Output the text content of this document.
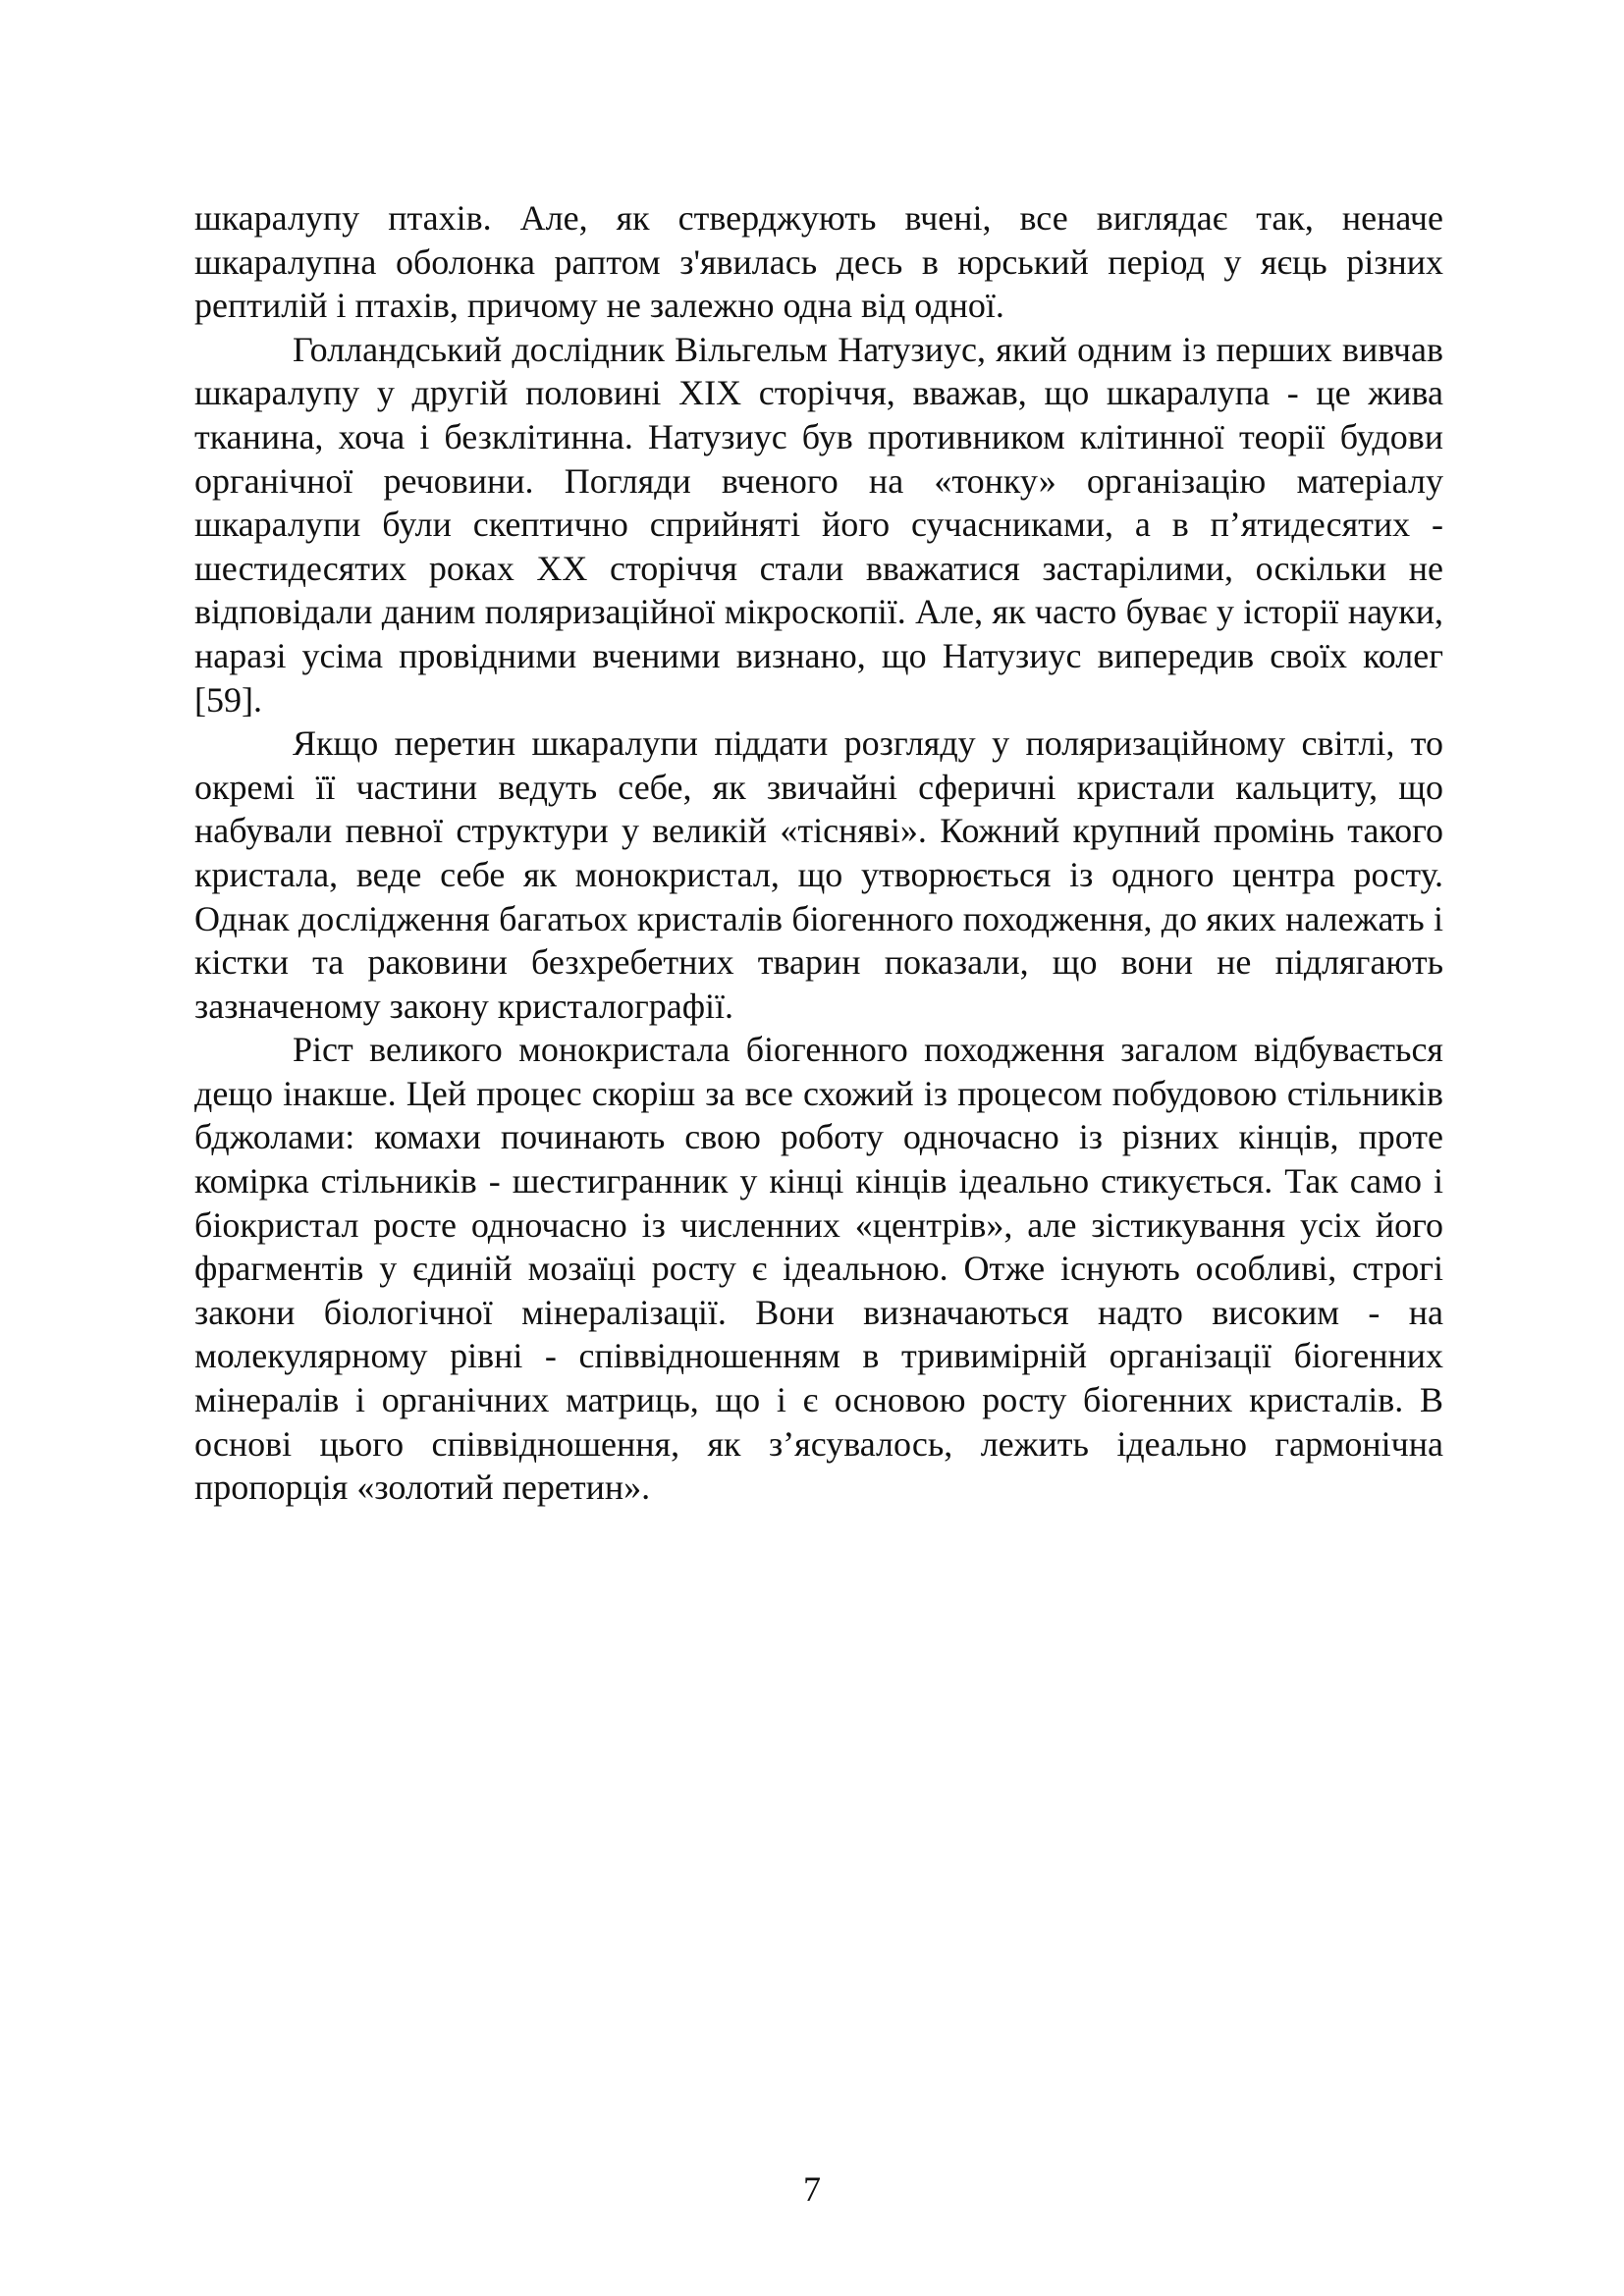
шкаралупу птахів. Але, як стверджують вчені, все виглядає так, неначе шкаралупна оболонка раптом з'явилась десь в юрський період у яєць різних рептилій і птахів, причому не залежно одна від одної.

Голландський дослідник Вільгельм Натузиус, який одним із перших вивчав шкаралупу у другій половині XIX сторіччя, вважав, що шкаралупа - це жива тканина, хоча і безклітинна. Натузиус був противником клітинної теорії будови органічної речовини. Погляди вченого на «тонку» організацію матеріалу шкаралупи були скептично сприйняті його сучасниками, а в п’ятидесятих - шестидесятих роках XX сторіччя стали вважатися застарілими, оскільки не відповідали даним поляризаційної мікроскопії. Але, як часто буває у історії науки, наразі усіма провідними вченими визнано, що Натузиус випередив своїх колег [59].

Якщо перетин шкаралупи піддати розгляду у поляризаційному світлі, то окремі її частини ведуть себе, як звичайні сферичні кристали кальциту, що набували певної структури у великій «тісняві». Кожний крупний промінь такого кристала, веде себе як монокристал, що утворюється із одного центра росту. Однак дослідження багатьох кристалів біогенного походження, до яких належать і кістки та раковини безхребетних тварин показали, що вони не підлягають зазначеному закону кристалографії.

Ріст великого монокристала біогенного походження загалом відбувається дещо інакше. Цей процес скоріш за все схожий із процесом побудовою стільників бджолами: комахи починають свою роботу одночасно із різних кінців, проте комірка стільників - шестигранник у кінці кінців ідеально стикується. Так само і біокристал росте одночасно із численних «центрів», але зістикування усіх його фрагментів у єдиній мозаїці росту є ідеальною. Отже існують особливі, строгі закони біологічної мінералізації. Вони визначаються надто високим - на молекулярному рівні - співвідношенням в тривимірній організації біогенних мінералів і органічних матриць, що і є основою росту біогенних кристалів. В основі цього співвідношення, як з’ясувалось, лежить ідеально гармонічна пропорція «золотий перетин».

7
